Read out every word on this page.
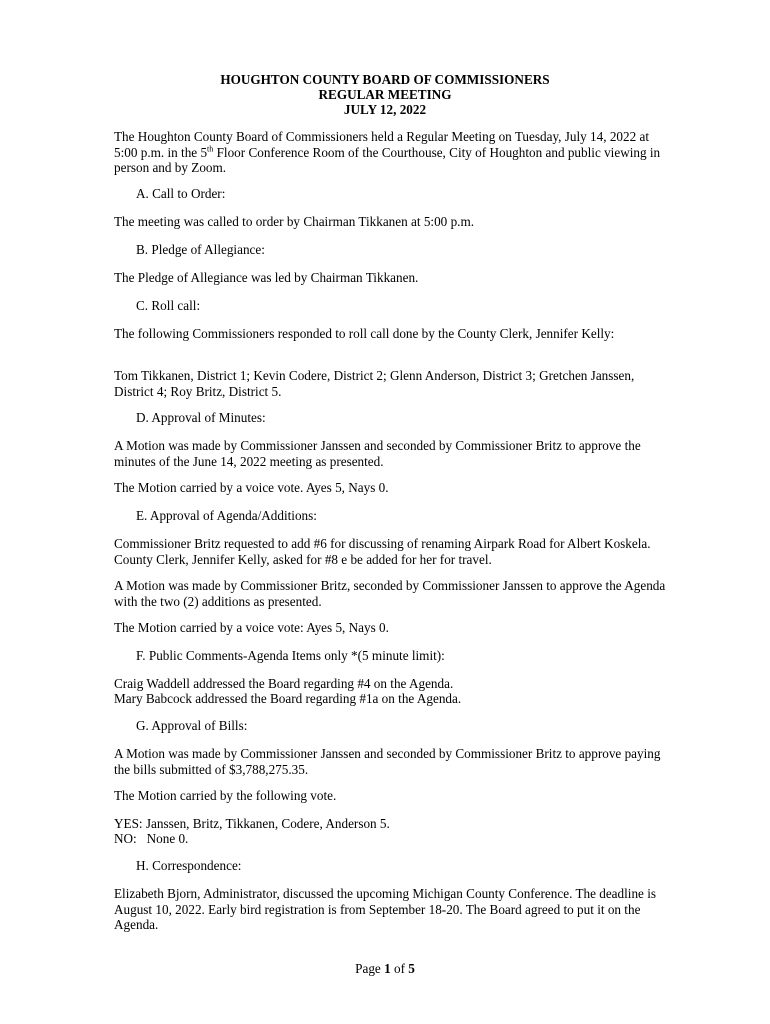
HOUGHTON COUNTY BOARD OF COMMISSIONERS
REGULAR MEETING
JULY 12, 2022

The Houghton County Board of Commissioners held a Regular Meeting on Tuesday, July 14, 2022 at 5:00 p.m. in the 5th Floor Conference Room of the Courthouse, City of Houghton and public viewing in person and by Zoom.

A. Call to Order:

The meeting was called to order by Chairman Tikkanen at 5:00 p.m.

B. Pledge of Allegiance:

The Pledge of Allegiance was led by Chairman Tikkanen.

C. Roll call:

The following Commissioners responded to roll call done by the County Clerk, Jennifer Kelly:

Tom Tikkanen, District 1; Kevin Codere, District 2; Glenn Anderson, District 3; Gretchen Janssen, District 4; Roy Britz, District 5.

D. Approval of Minutes:

A Motion was made by Commissioner Janssen and seconded by Commissioner Britz to approve the minutes of the June 14, 2022 meeting as presented.

The Motion carried by a voice vote. Ayes 5, Nays 0.

E. Approval of Agenda/Additions:

Commissioner Britz requested to add #6 for discussing of renaming Airpark Road for Albert Koskela. County Clerk, Jennifer Kelly, asked for #8 e be added for her for travel.

A Motion was made by Commissioner Britz, seconded by Commissioner Janssen to approve the Agenda with the two (2) additions as presented.

The Motion carried by a voice vote: Ayes 5, Nays 0.

F. Public Comments-Agenda Items only *(5 minute limit):

Craig Waddell addressed the Board regarding #4 on the Agenda.

Mary Babcock addressed the Board regarding #1a on the Agenda.

G. Approval of Bills:

A Motion was made by Commissioner Janssen and seconded by Commissioner Britz to approve paying the bills submitted of $3,788,275.35.

The Motion carried by the following vote.

YES: Janssen, Britz, Tikkanen, Codere, Anderson 5.

NO:   None 0.

H. Correspondence:

Elizabeth Bjorn, Administrator, discussed the upcoming Michigan County Conference. The deadline is August 10, 2022. Early bird registration is from September 18-20. The Board agreed to put it on the Agenda.

Page 1 of 5
